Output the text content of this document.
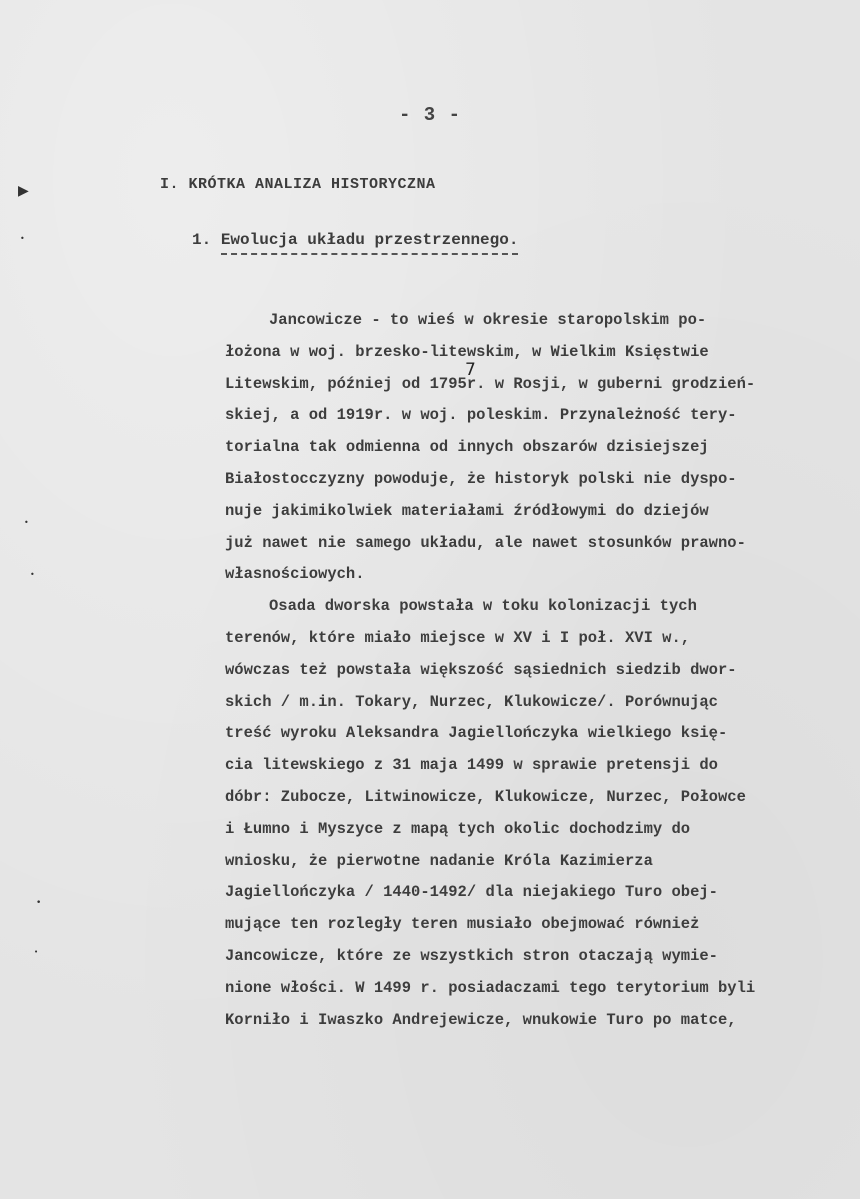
- 3 -
▶
•
•
•
•
•
I. KRÓTKA ANALIZA HISTORYCZNA
1. Ewolucja układu przestrzennego.
7
Jancowicze - to wieś w okresie staropolskim po-
łożona w woj. brzesko-litewskim, w Wielkim Księstwie
Litewskim, później od 1795r. w Rosji, w guberni grodzień-
skiej, a od 1919r. w woj. poleskim. Przynależność tery-
torialna tak odmienna od innych obszarów dzisiejszej
Białostocczyzny powoduje, że historyk polski nie dyspo-
nuje jakimikolwiek materiałami źródłowymi do dziejów
już nawet nie samego układu, ale nawet stosunków prawno-
własnościowych.
Osada dworska powstała w toku kolonizacji tych
terenów, które miało miejsce w XV i I poł. XVI w.,
wówczas też powstała większość sąsiednich siedzib dwor-
skich / m.in. Tokary, Nurzec, Klukowicze/. Porównując
treść wyroku Aleksandra Jagiellończyka wielkiego księ-
cia litewskiego z 31 maja 1499 w sprawie pretensji do
dóbr: Zubocze, Litwinowicze, Klukowicze, Nurzec, Połowce
i Łumno i Myszyce z mapą tych okolic dochodzimy do
wniosku, że pierwotne nadanie Króla Kazimierza
Jagiellończyka / 1440-1492/ dla niejakiego Turo obej-
mujące ten rozległy teren musiało obejmować również
Jancowicze, które ze wszystkich stron otaczają wymie-
nione włości. W 1499 r. posiadaczami tego terytorium byli
Korniło i Iwaszko Andrejewicze, wnukowie Turo po matce,
